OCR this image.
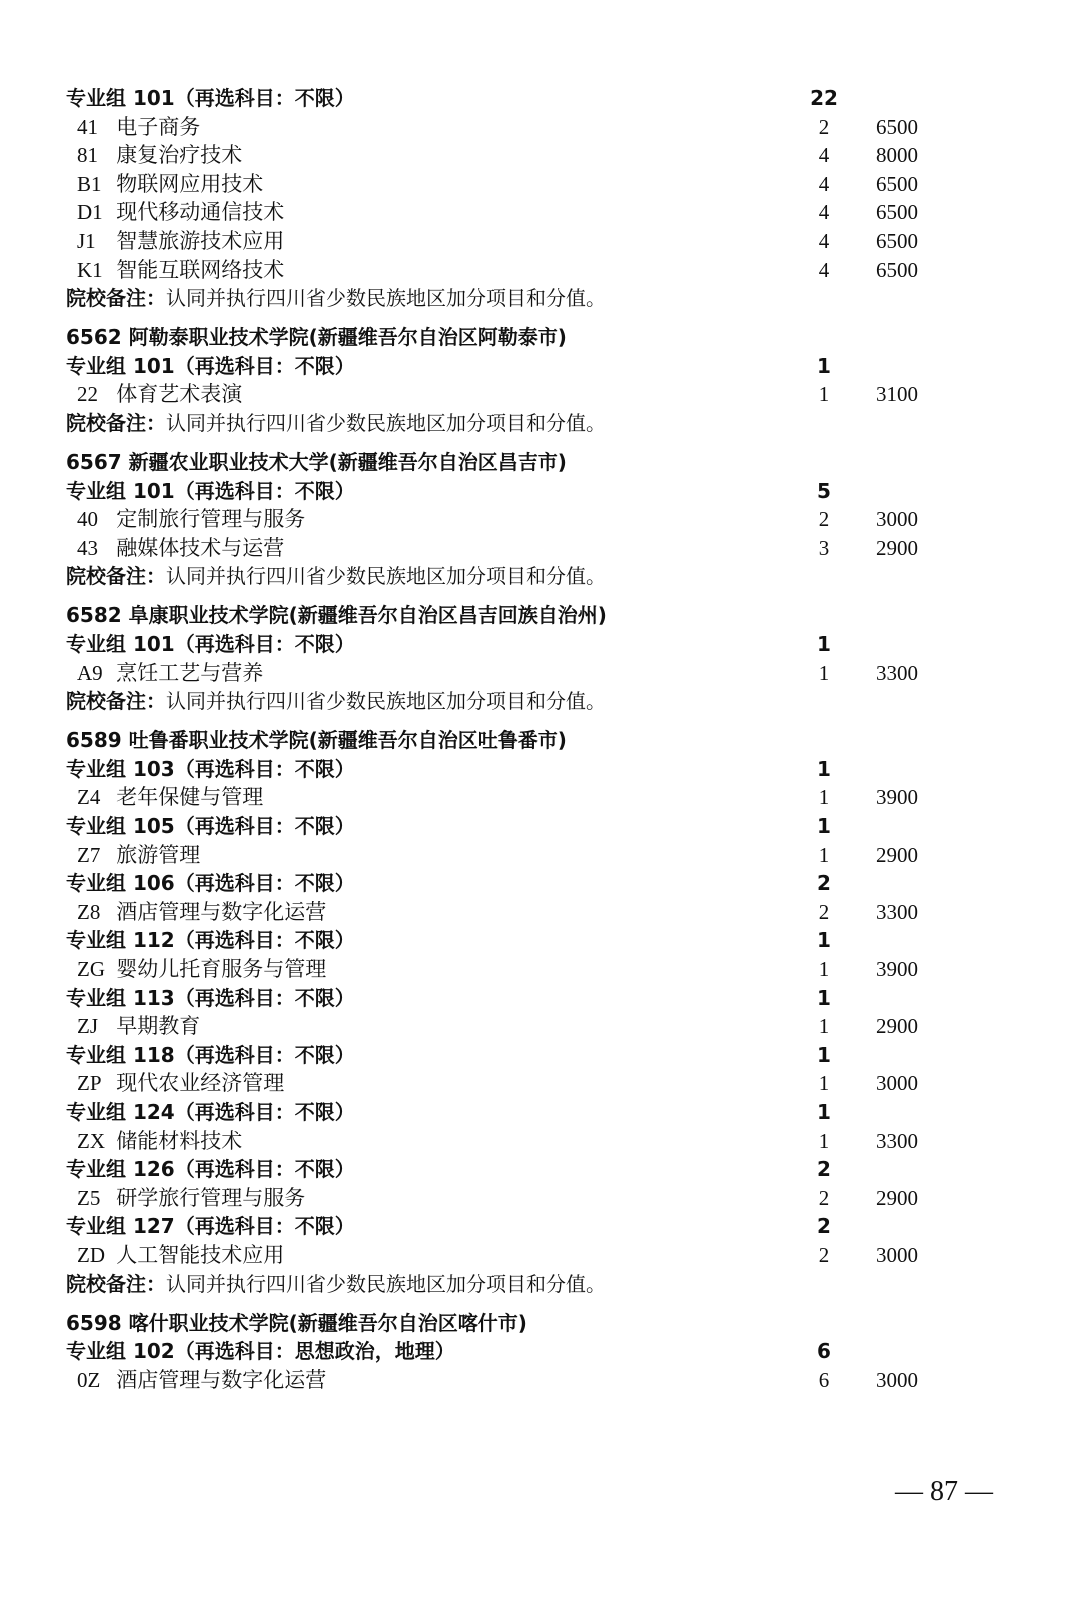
专业组 101（再选科目：不限）	22
41 电子商务	2	6500
81 康复治疗技术	4	8000
B1 物联网应用技术	4	6500
D1 现代移动通信技术	4	6500
J1 智慧旅游技术应用	4	6500
K1 智能互联网络技术	4	6500
院校备注：认同并执行四川省少数民族地区加分项目和分值。
6562 阿勒泰职业技术学院(新疆维吾尔自治区阿勒泰市)
专业组 101（再选科目：不限）	1
22 体育艺术表演	1	3100
院校备注：认同并执行四川省少数民族地区加分项目和分值。
6567 新疆农业职业技术大学(新疆维吾尔自治区昌吉市)
专业组 101（再选科目：不限）	5
40 定制旅行管理与服务	2	3000
43 融媒体技术与运营	3	2900
院校备注：认同并执行四川省少数民族地区加分项目和分值。
6582 阜康职业技术学院(新疆维吾尔自治区昌吉回族自治州)
专业组 101（再选科目：不限）	1
A9 烹饪工艺与营养	1	3300
院校备注：认同并执行四川省少数民族地区加分项目和分值。
6589 吐鲁番职业技术学院(新疆维吾尔自治区吐鲁番市)
专业组 103（再选科目：不限）	1
Z4 老年保健与管理	1	3900
专业组 105（再选科目：不限）	1
Z7 旅游管理	1	2900
专业组 106（再选科目：不限）	2
Z8 酒店管理与数字化运营	2	3300
专业组 112（再选科目：不限）	1
ZG 婴幼儿托育服务与管理	1	3900
专业组 113（再选科目：不限）	1
ZJ 早期教育	1	2900
专业组 118（再选科目：不限）	1
ZP 现代农业经济管理	1	3000
专业组 124（再选科目：不限）	1
ZX 储能材料技术	1	3300
专业组 126（再选科目：不限）	2
Z5 研学旅行管理与服务	2	2900
专业组 127（再选科目：不限）	2
ZD 人工智能技术应用	2	3000
院校备注：认同并执行四川省少数民族地区加分项目和分值。
6598 喀什职业技术学院(新疆维吾尔自治区喀什市)
专业组 102（再选科目：思想政治，地理）	6
0Z 酒店管理与数字化运营	6	3000
— 87 —
